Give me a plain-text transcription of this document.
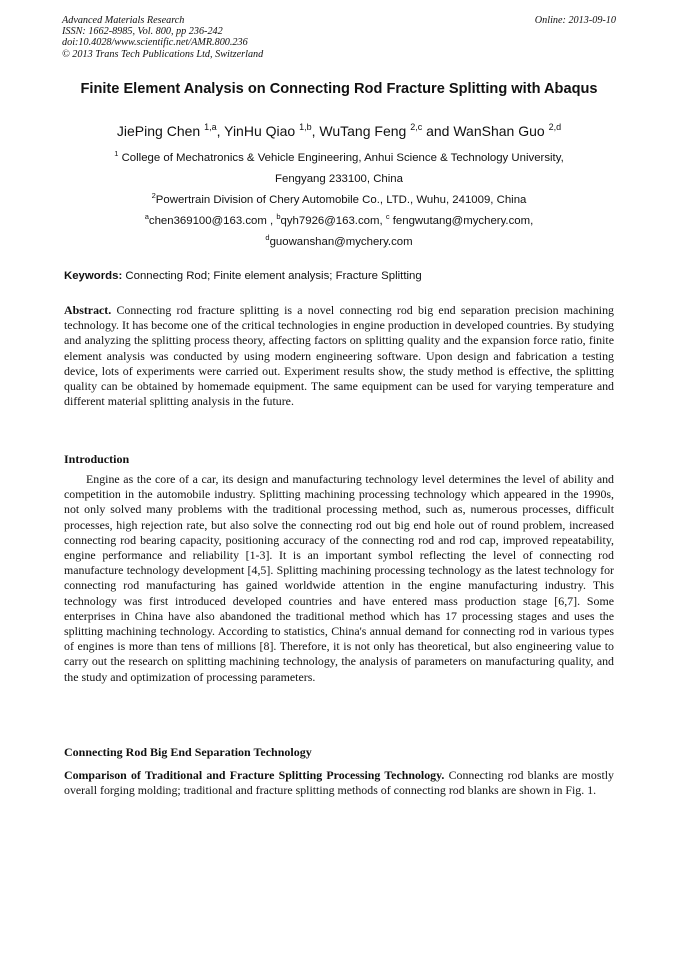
Advanced Materials Research
ISSN: 1662-8985, Vol. 800, pp 236-242
doi:10.4028/www.scientific.net/AMR.800.236
© 2013 Trans Tech Publications Ltd, Switzerland
Online: 2013-09-10
Finite Element Analysis on Connecting Rod Fracture Splitting with Abaqus
JiePing Chen $^{1,a}$, YinHu Qiao $^{1,b}$, WuTang Feng $^{2,c}$ and WanShan Guo $^{2,d}$
$^1$ College of Mechatronics & Vehicle Engineering, Anhui Science & Technology University,
Fengyang 233100, China
$^2$Powertrain Division of Chery Automobile Co., LTD., Wuhu, 241009, China
$^a$chen369100@163.com , $^b$qyh7926@163.com, $^c$ fengwutang@mychery.com,
$^d$guowanshan@mychery.com
Keywords: Connecting Rod; Finite element analysis; Fracture Splitting
Abstract. Connecting rod fracture splitting is a novel connecting rod big end separation precision machining technology. It has become one of the critical technologies in engine production in developed countries. By studying and analyzing the splitting process theory, affecting factors on splitting quality and the expansion force ratio, finite element analysis was conducted by using modern engineering software. Upon design and fabrication a testing device, lots of experiments were carried out. Experiment results show, the study method is effective, the splitting quality can be obtained by homemade equipment. The same equipment can be used for varying temperature and different material splitting analysis in the future.
Introduction
Engine as the core of a car, its design and manufacturing technology level determines the level of ability and competition in the automobile industry. Splitting machining processing technology which appeared in the 1990s, not only solved many problems with the traditional processing method, such as, numerous processes, difficult processes, high rejection rate, but also solve the connecting rod out big end hole out of round problem, increased connecting rod bearing capacity, positioning accuracy of the connecting rod and rod cap, improved repeatability, engine performance and reliability [1-3]. It is an important symbol reflecting the level of connecting rod manufacture technology development [4,5]. Splitting machining processing technology as the latest technology for connecting rod manufacturing has gained worldwide attention in the engine manufacturing industry. This technology was first introduced developed countries and have entered mass production stage [6,7]. Some enterprises in China have also abandoned the traditional method which has 17 processing stages and uses the splitting machining technology. According to statistics, China's annual demand for connecting rod in various types of engines is more than tens of millions [8]. Therefore, it is not only has theoretical, but also engineering value to carry out the research on splitting machining technology, the analysis of parameters on manufacturing quality, and the study and optimization of processing parameters.
Connecting Rod Big End Separation Technology
Comparison of Traditional and Fracture Splitting Processing Technology. Connecting rod blanks are mostly overall forging molding; traditional and fracture splitting methods of connecting rod blanks are shown in Fig. 1.
